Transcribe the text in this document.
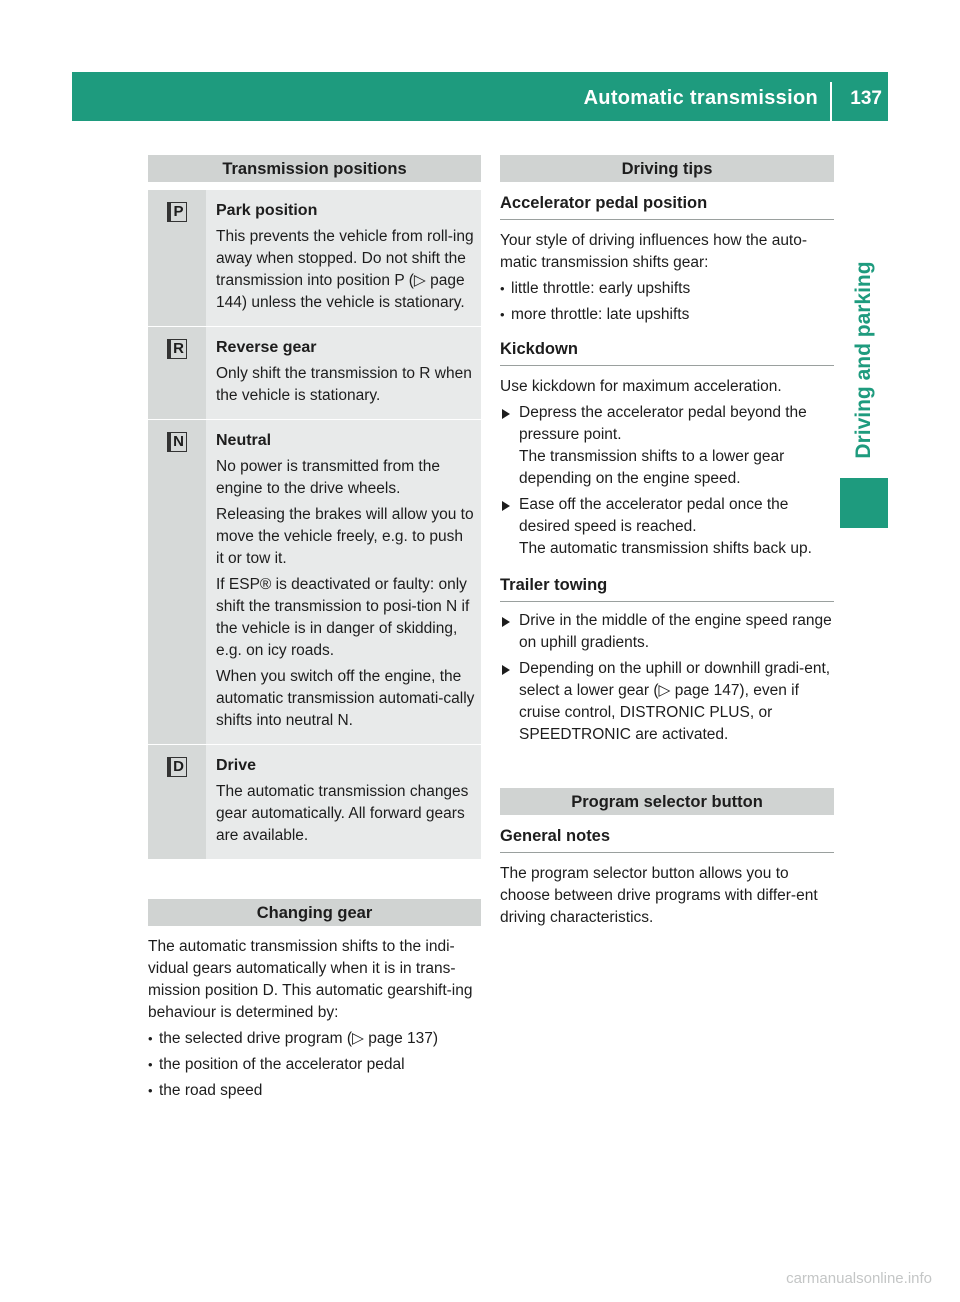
Automatic transmission 137
Driving and parking
Transmission positions
P Park position

This prevents the vehicle from roll-ing away when stopped. Do not shift the transmission into position P (▷ page 144) unless the vehicle is stationary.

R Reverse gear

Only shift the transmission to R when the vehicle is stationary.

N Neutral

No power is transmitted from the engine to the drive wheels.

Releasing the brakes will allow you to move the vehicle freely, e.g. to push it or tow it.

If ESP® is deactivated or faulty: only shift the transmission to posi-tion N if the vehicle is in danger of skidding, e.g. on icy roads.

When you switch off the engine, the automatic transmission automati-cally shifts into neutral N.

D Drive

The automatic transmission changes gear automatically. All forward gears are available.

Changing gear

The automatic transmission shifts to the indi-vidual gears automatically when it is in trans-mission position D. This automatic gearshift-ing behaviour is determined by:

• the selected drive program (▷ page 137)
• the position of the accelerator pedal
• the road speed
Driving tips
Accelerator pedal position

Your style of driving influences how the auto-matic transmission shifts gear:

• little throttle: early upshifts
• more throttle: late upshifts
Kickdown

Use kickdown for maximum acceleration.

Depress the accelerator pedal beyond the pressure point.
The transmission shifts to a lower gear depending on the engine speed.
Ease off the accelerator pedal once the desired speed is reached.
The automatic transmission shifts back up.
Trailer towing
Drive in the middle of the engine speed range on uphill gradients.
Depending on the uphill or downhill gradi-ent, select a lower gear (▷ page 147), even if cruise control, DISTRONIC PLUS, or SPEEDTRONIC are activated.
Program selector button
General notes

The program selector button allows you to choose between drive programs with differ-ent driving characteristics.

carmanualsonline.info
